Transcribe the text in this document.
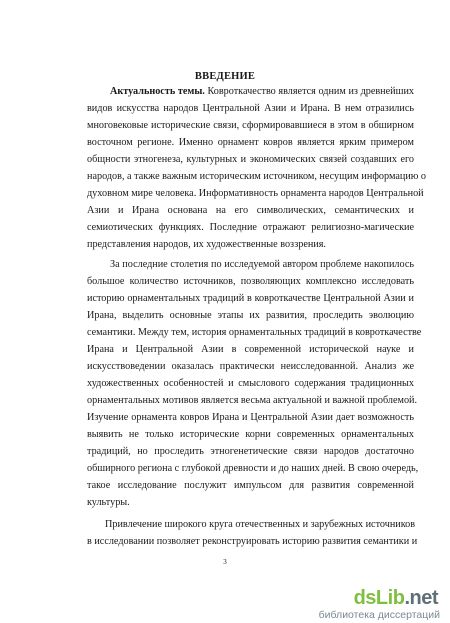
ВВЕДЕНИЕ
Актуальность темы. Ковроткачество является одним из древнейших
видов искусства народов Центральной Азии и Ирана. В нем отразились
многовековые исторические связи, сформировавшиеся в этом в обширном
восточном регионе. Именно орнамент ковров является ярким примером
общности этногенеза, культурных и экономических связей создавших его
народов, а также важным историческим источником, несущим информацию о
духовном мире человека. Информативность орнамента народов Центральной
Азии и Ирана основана на его символических, семантических и
семиотических функциях. Последние отражают религиозно-магические
представления народов, их художественные воззрения.
За последние столетия по исследуемой автором проблеме накопилось
большое количество источников, позволяющих комплексно исследовать
историю орнаментальных традиций в ковроткачестве Центральной Азии и
Ирана, выделить основные этапы их развития, проследить эволюцию
семантики. Между тем, история орнаментальных традиций в ковроткачестве
Ирана и Центральной Азии в современной исторической науке и
искусствоведении оказалась практически неисследованной. Анализ же
художественных особенностей и смыслового содержания традиционных
орнаментальных мотивов является весьма актуальной и важной проблемой.
Изучение орнамента ковров Ирана и Центральной Азии дает возможность
выявить не только исторические корни современных орнаментальных
традиций, но проследить этногенетические связи народов достаточно
обширного региона с глубокой древности и до наших дней. В свою очередь,
такое исследование послужит импульсом для развития современной
культуры.
Привлечение широкого круга отечественных и зарубежных источников
в исследовании позволяет реконструировать историю развития семантики и
3
dsLib.net
библиотека диссертаций
